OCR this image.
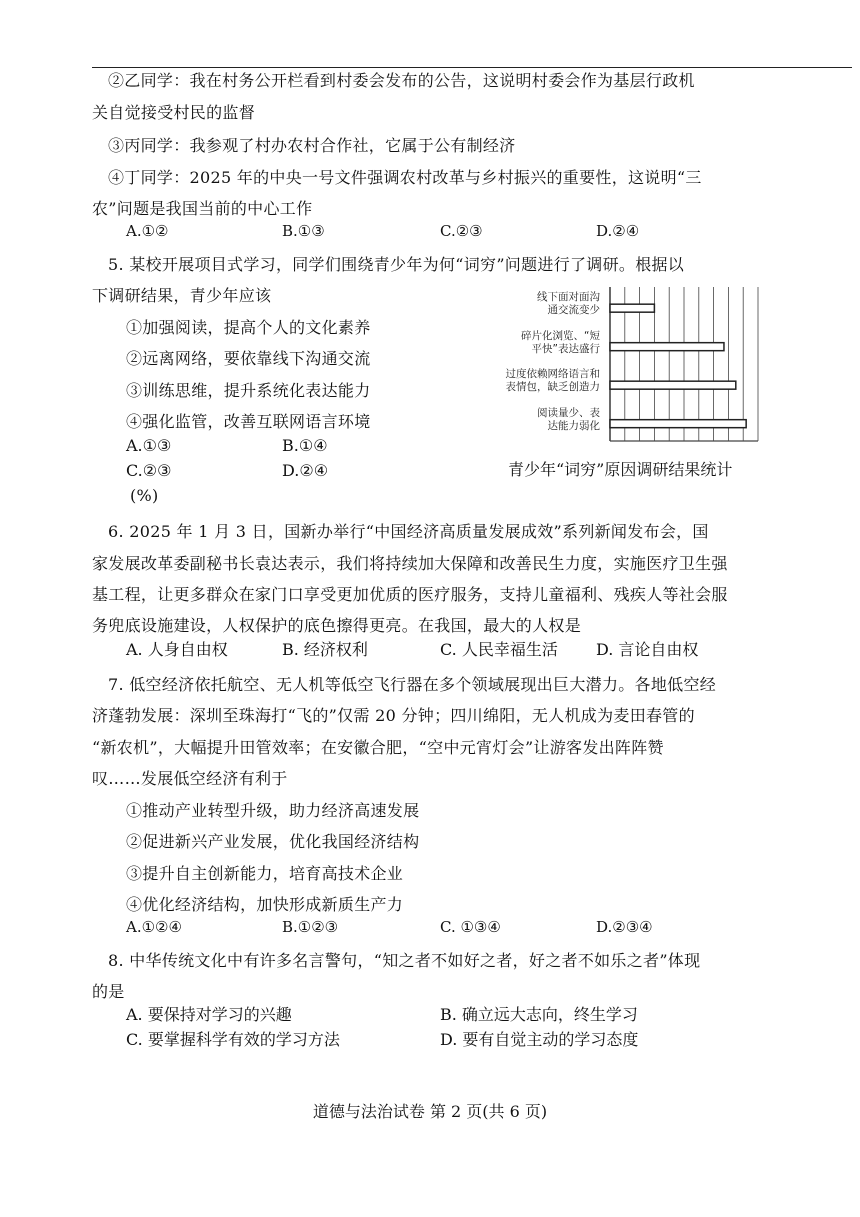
②乙同学：我在村务公开栏看到村委会发布的公告，这说明村委会作为基层行政机
关自觉接受村民的监督
③丙同学：我参观了村办农村合作社，它属于公有制经济
④丁同学：2025 年的中央一号文件强调农村改革与乡村振兴的重要性，这说明“三
农”问题是我国当前的中心工作
A.①②	B.①③	C.②③	D.②④
5. 某校开展项目式学习，同学们围绕青少年为何“词穷”问题进行了调研。根据以
下调研结果，青少年应该
①加强阅读，提高个人的文化素养
②远离网络，要依靠线下沟通交流
③训练思维，提升系统化表达能力
④强化监管，改善互联网语言环境
A.①③	B.①④
C.②③	D.②④
(%)
线下面对面沟
通交流变少
碎片化浏览、“短
平快”表达盛行
过度依赖网络语言和
表情包，缺乏创造力
阅读量少、表
达能力弱化
青少年“词穷”原因调研结果统计
6. 2025 年 1 月 3 日，国新办举行“中国经济高质量发展成效”系列新闻发布会，国
家发展改革委副秘书长袁达表示，我们将持续加大保障和改善民生力度，实施医疗卫生强
基工程，让更多群众在家门口享受更加优质的医疗服务，支持儿童福利、残疾人等社会服
务兜底设施建设，人权保护的底色擦得更亮。在我国，最大的人权是
A. 人身自由权	B. 经济权利	C. 人民幸福生活 D. 言论自由权
7. 低空经济依托航空、无人机等低空飞行器在多个领域展现出巨大潜力。各地低空经
济蓬勃发展：深圳至珠海打“飞的”仅需 20 分钟；四川绵阳，无人机成为麦田春管的
“新农机”，大幅提升田管效率；在安徽合肥，“空中元宵灯会”让游客发出阵阵赞
叹……发展低空经济有利于
①推动产业转型升级，助力经济高速发展
②促进新兴产业发展，优化我国经济结构
③提升自主创新能力，培育高技术企业
④优化经济结构，加快形成新质生产力
A.①②④	B.①②③	C. ①③④	D.②③④
8. 中华传统文化中有许多名言警句，“知之者不如好之者，好之者不如乐之者”体现
的是
A. 要保持对学习的兴趣	B. 确立远大志向，终生学习
C. 要掌握科学有效的学习方法	D. 要有自觉主动的学习态度
道德与法治试卷 第 2 页(共 6 页)
